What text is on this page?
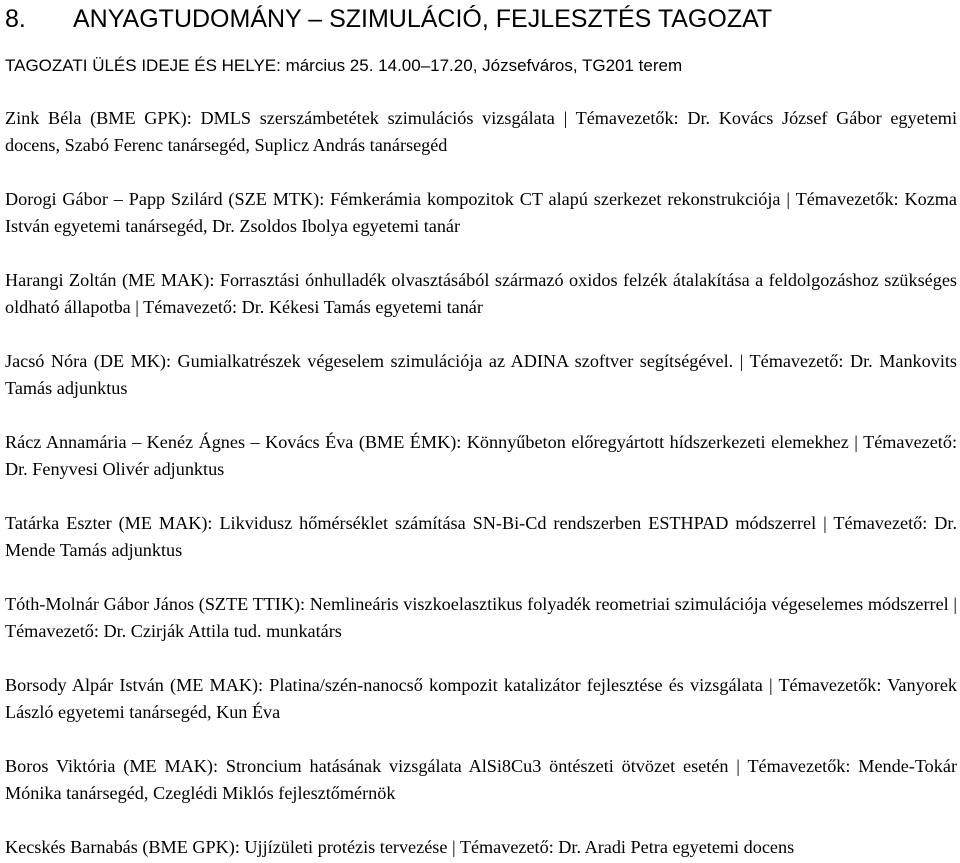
8. ANYAGTUDOMÁNY – SZIMULÁCIÓ, FEJLESZTÉS TAGOZAT

TAGOZATI ÜLÉS IDEJE ÉS HELYE: március 25. 14.00–17.20, Józsefváros, TG201 terem

Zink Béla (BME GPK): DMLS szerszámbetétek szimulációs vizsgálata | Témavezetők: Dr. Kovács József Gábor egyetemi docens, Szabó Ferenc tanársegéd, Suplicz András tanársegéd

Dorogi Gábor – Papp Szilárd (SZE MTK): Fémkerámia kompozitok CT alapú szerkezet rekonstrukciója | Témavezetők: Kozma István egyetemi tanársegéd, Dr. Zsoldos Ibolya egyetemi tanár

Harangi Zoltán (ME MAK): Forrasztási ónhulladék olvasztásából származó oxidos felzék átalakítása a feldolgozáshoz szükséges oldható állapotba | Témavezető: Dr. Kékesi Tamás egyetemi tanár

Jacsó Nóra (DE MK): Gumialkatrészek végeselem szimulációja az ADINA szoftver segítségével. | Témavezető: Dr. Mankovits Tamás adjunktus

Rácz Annamária – Kenéz Ágnes – Kovács Éva (BME ÉMK): Könnyűbeton előregyártott hídszerkezeti elemekhez | Témavezető: Dr. Fenyvesi Olivér adjunktus

Tatárka Eszter (ME MAK): Likvidusz hőmérséklet számítása SN-Bi-Cd rendszerben ESTHPAD módszerrel | Témavezető: Dr. Mende Tamás adjunktus

Tóth-Molnár Gábor János (SZTE TTIK): Nemlineáris viszkoelasztikus folyadék reometriai szimulációja végeselemes módszerrel | Témavezető: Dr. Czirják Attila tud. munkatárs

Borsody Alpár István (ME MAK): Platina/szén-nanocső kompozit katalizátor fejlesztése és vizsgálata | Témavezetők: Vanyorek László egyetemi tanársegéd, Kun Éva

Boros Viktória (ME MAK): Stroncium hatásának vizsgálata AlSi8Cu3 öntészeti ötvözet esetén | Témavezetők: Mende-Tokár Mónika tanársegéd, Czeglédi Miklós fejlesztőmérnök

Kecskés Barnabás (BME GPK): Ujjízületi protézis tervezése | Témavezető: Dr. Aradi Petra egyetemi docens
